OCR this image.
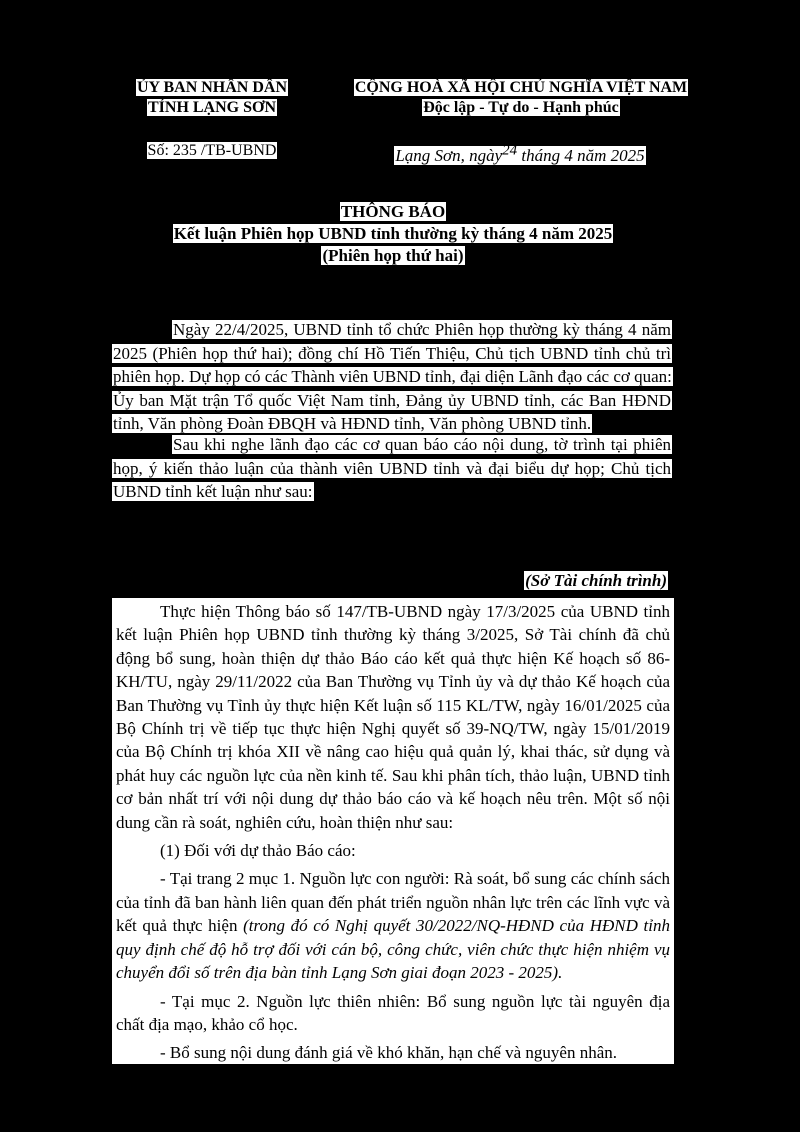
ỦY BAN NHÂN DÂN
TỈNH LẠNG SƠN
CỘNG HOÀ XÃ HỘI CHỦ NGHĨA VIỆT NAM
Độc lập - Tự do - Hạnh phúc
Số: 235 /TB-UBND	Lạng Sơn, ngày$^{24}$ tháng 4 năm 2025
THÔNG BÁO
Kết luận Phiên họp UBND tỉnh thường kỳ tháng 4 năm 2025
(Phiên họp thứ hai)
Ngày 22/4/2025, UBND tỉnh tổ chức Phiên họp thường kỳ tháng 4 năm 2025 (Phiên họp thứ hai); đồng chí Hồ Tiến Thiệu, Chủ tịch UBND tỉnh chủ trì phiên họp. Dự họp có các Thành viên UBND tỉnh, đại diện Lãnh đạo các cơ quan: Ủy ban Mặt trận Tổ quốc Việt Nam tỉnh, Đảng ủy UBND tỉnh, các Ban HĐND tỉnh, Văn phòng Đoàn ĐBQH và HĐND tỉnh, Văn phòng UBND tỉnh.
Sau khi nghe lãnh đạo các cơ quan báo cáo nội dung, tờ trình tại phiên họp, ý kiến thảo luận của thành viên UBND tỉnh và đại biểu dự họp; Chủ tịch UBND tỉnh kết luận như sau:
(Sở Tài chính trình)

Thực hiện Thông báo số 147/TB-UBND ngày 17/3/2025 của UBND tỉnh kết luận Phiên họp UBND tỉnh thường kỳ tháng 3/2025, Sở Tài chính đã chủ động bổ sung, hoàn thiện dự thảo Báo cáo kết quả thực hiện Kế hoạch số 86-KH/TU, ngày 29/11/2022 của Ban Thường vụ Tỉnh ủy và dự thảo Kế hoạch của Ban Thường vụ Tỉnh ủy thực hiện Kết luận số 115 KL/TW, ngày 16/01/2025 của Bộ Chính trị về tiếp tục thực hiện Nghị quyết số 39-NQ/TW, ngày 15/01/2019 của Bộ Chính trị khóa XII về nâng cao hiệu quả quản lý, khai thác, sử dụng và phát huy các nguồn lực của nền kinh tế. Sau khi phân tích, thảo luận, UBND tỉnh cơ bản nhất trí với nội dung dự thảo báo cáo và kế hoạch nêu trên. Một số nội dung cần rà soát, nghiên cứu, hoàn thiện như sau:

(1) Đối với dự thảo Báo cáo:

- Tại trang 2 mục 1. Nguồn lực con người: Rà soát, bổ sung các chính sách của tỉnh đã ban hành liên quan đến phát triển nguồn nhân lực trên các lĩnh vực và kết quả thực hiện (trong đó có Nghị quyết 30/2022/NQ-HĐND của HĐND tỉnh quy định chế độ hỗ trợ đối với cán bộ, công chức, viên chức thực hiện nhiệm vụ chuyển đổi số trên địa bàn tỉnh Lạng Sơn giai đoạn 2023 - 2025).

- Tại mục 2. Nguồn lực thiên nhiên: Bổ sung nguồn lực tài nguyên địa chất địa mạo, khảo cổ học.

- Bổ sung nội dung đánh giá về khó khăn, hạn chế và nguyên nhân.
